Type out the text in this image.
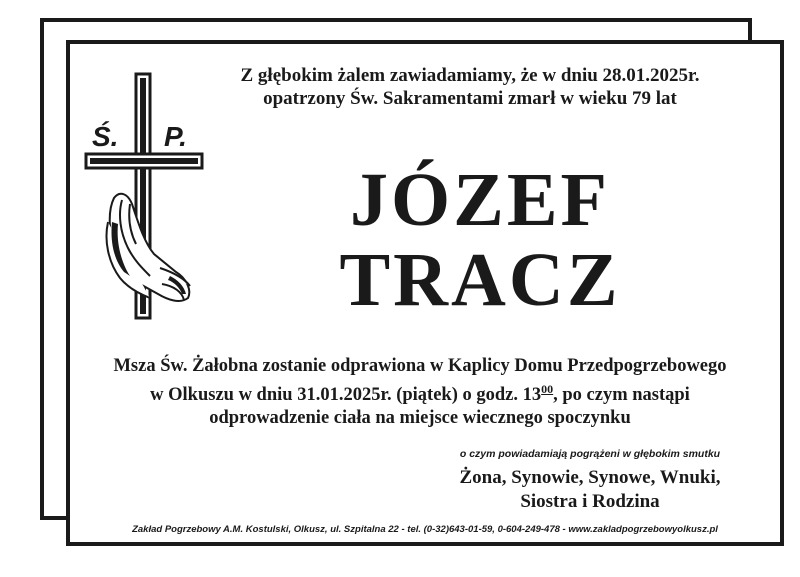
Z głębokim żalem zawiadamiamy, że w dniu 28.01.2025r.
opatrzony Św. Sakramentami zmarł w wieku 79 lat
Ś. P.
JÓZEF
TRACZ
Msza Św. Żałobna zostanie odprawiona w Kaplicy Domu Przedpogrzebowego
w Olkuszu w dniu 31.01.2025r. (piątek) o godz. $13^{00}$, po czym nastąpi
odprowadzenie ciała na miejsce wiecznego spoczynku
o czym powiadamiają pogrążeni w głębokim smutku
Żona, Synowie, Synowe, Wnuki,
Siostra i Rodzina
Zakład Pogrzebowy A.M. Kostulski, Olkusz, ul. Szpitalna 22 - tel. (0-32)643-01-59, 0-604-249-478 - www.zakladpogrzebowyolkusz.pl
